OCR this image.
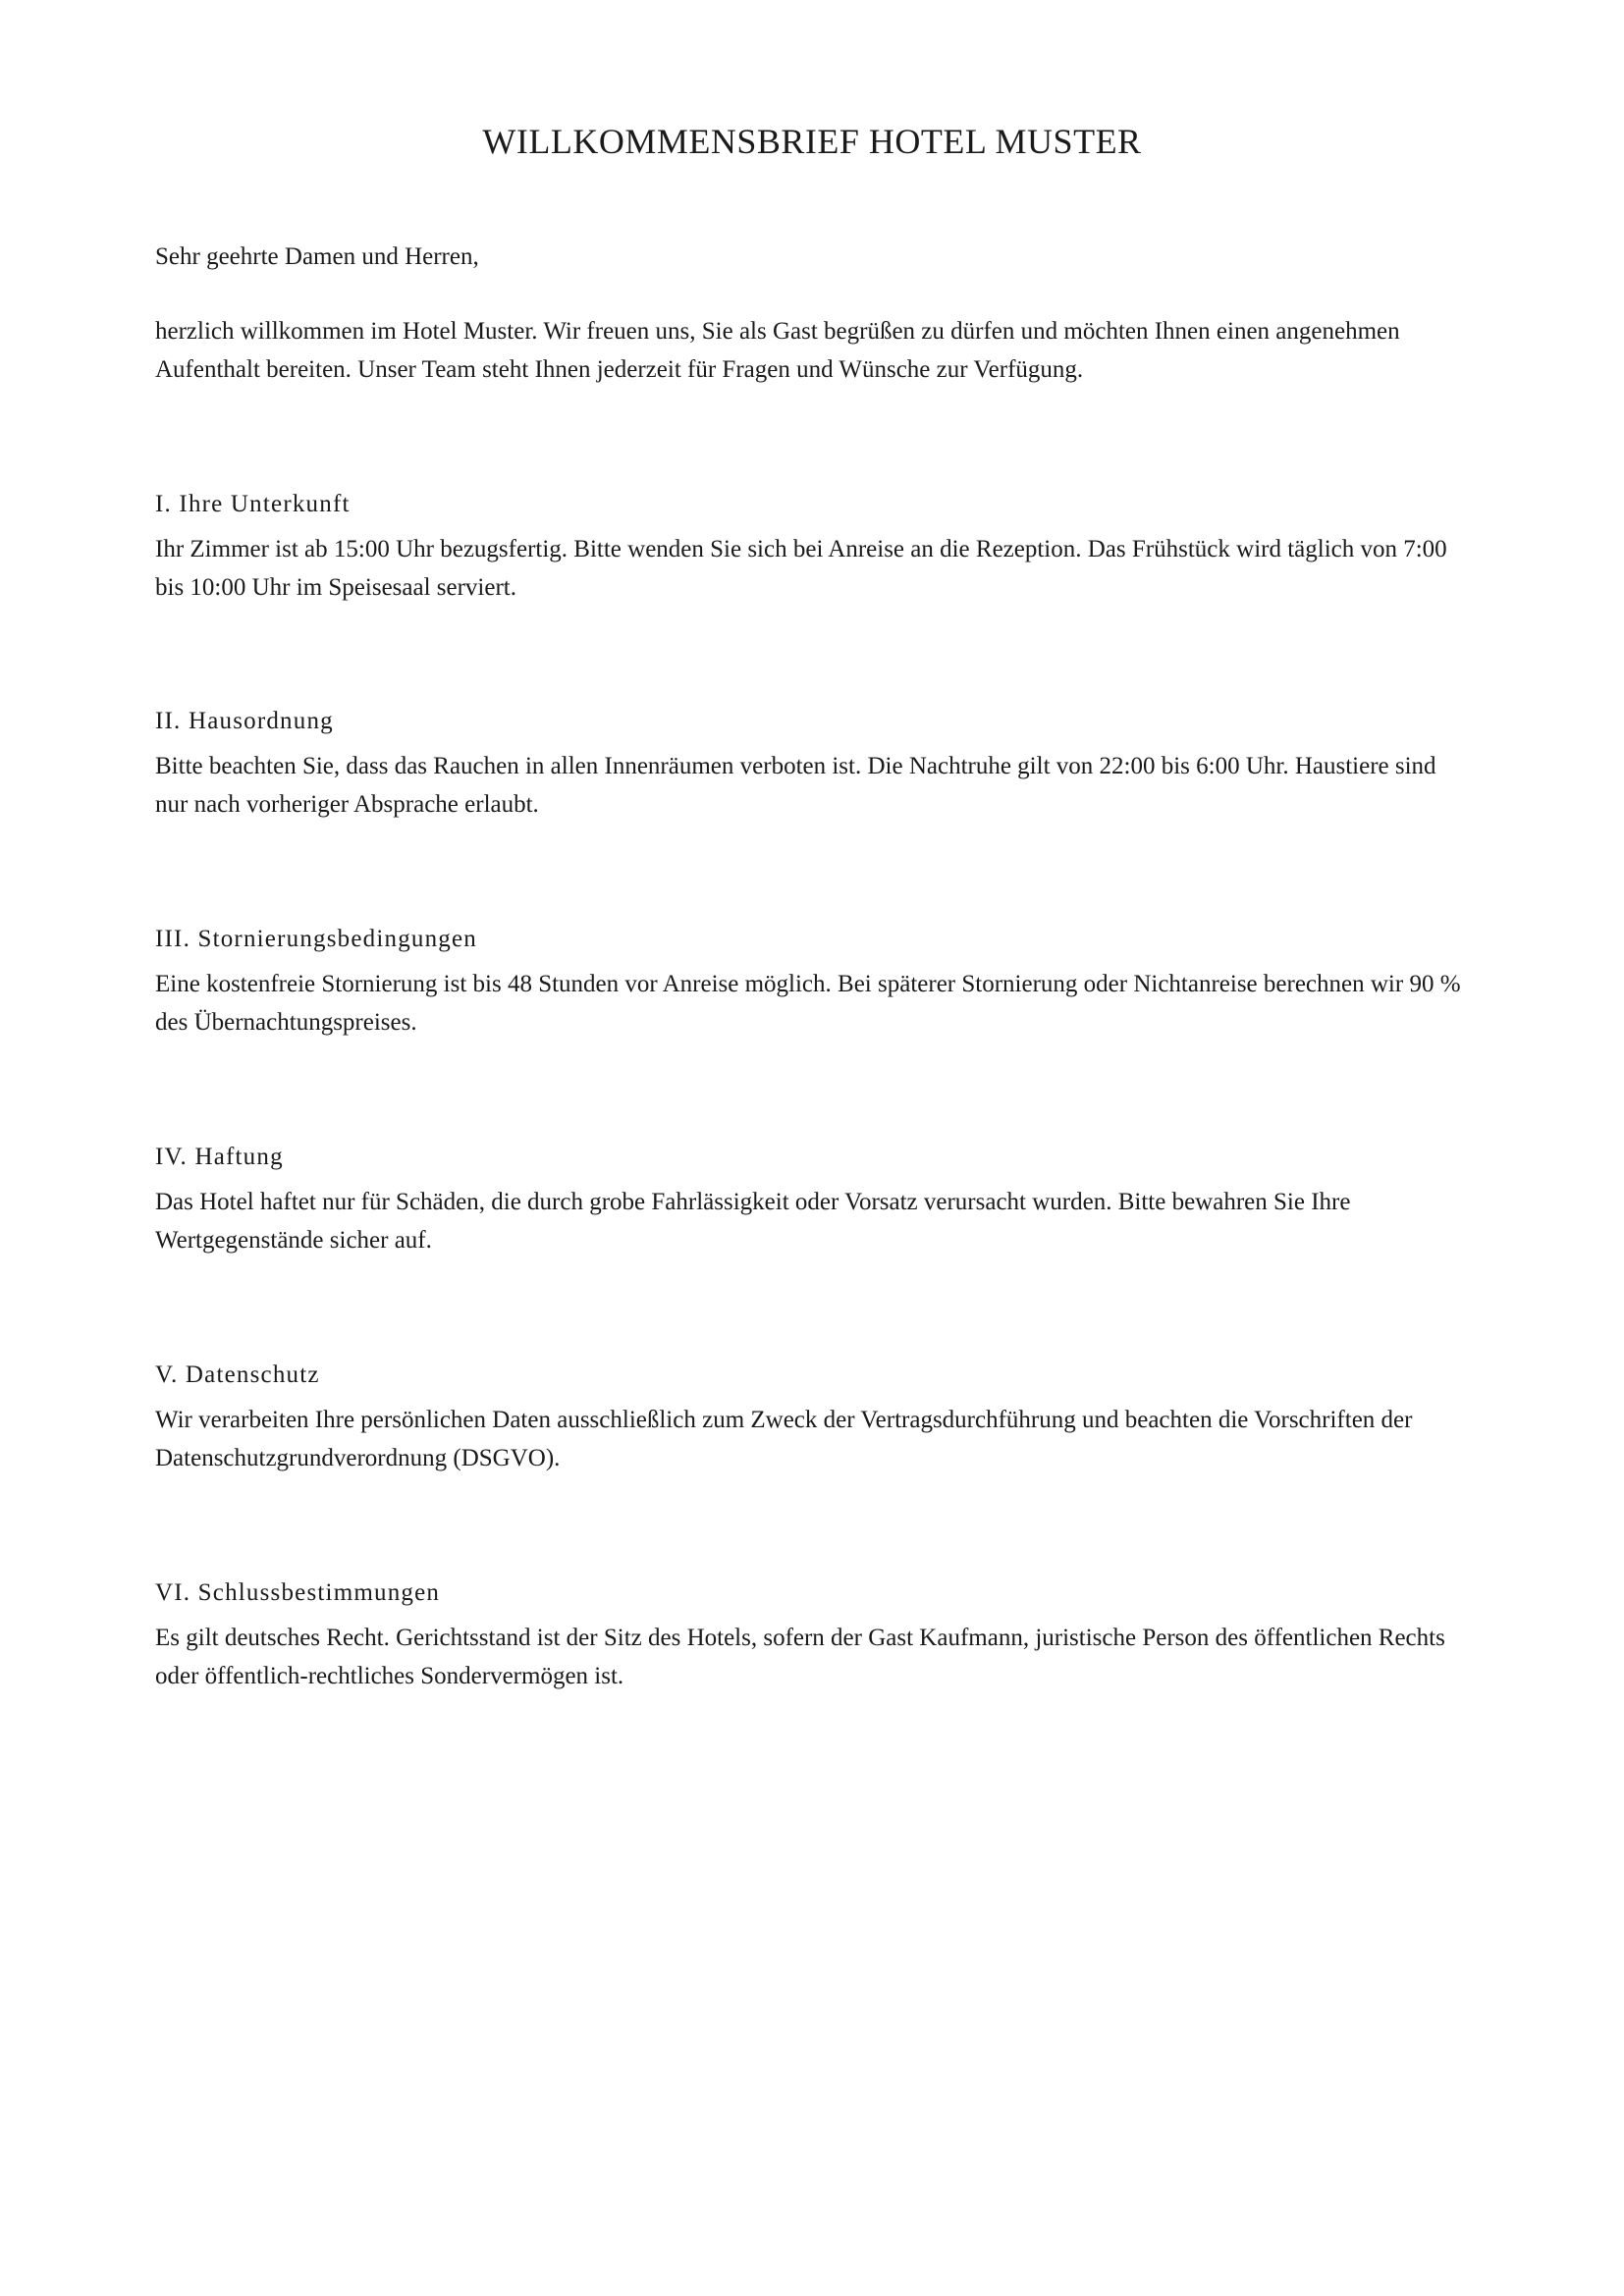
WILLKOMMENSBRIEF HOTEL MUSTER

Sehr geehrte Damen und Herren,

herzlich willkommen im Hotel Muster. Wir freuen uns, Sie als Gast begrüßen zu dürfen und möchten Ihnen einen angenehmen Aufenthalt bereiten. Unser Team steht Ihnen jederzeit für Fragen und Wünsche zur Verfügung.

I. Ihre Unterkunft

Ihr Zimmer ist ab 15:00 Uhr bezugsfertig. Bitte wenden Sie sich bei Anreise an die Rezeption. Das Frühstück wird täglich von 7:00 bis 10:00 Uhr im Speisesaal serviert.

II. Hausordnung

Bitte beachten Sie, dass das Rauchen in allen Innenräumen verboten ist. Die Nachtruhe gilt von 22:00 bis 6:00 Uhr. Haustiere sind nur nach vorheriger Absprache erlaubt.

III. Stornierungsbedingungen

Eine kostenfreie Stornierung ist bis 48 Stunden vor Anreise möglich. Bei späterer Stornierung oder Nichtanreise berechnen wir 90 % des Übernachtungspreises.

IV. Haftung

Das Hotel haftet nur für Schäden, die durch grobe Fahrlässigkeit oder Vorsatz verursacht wurden. Bitte bewahren Sie Ihre Wertgegenstände sicher auf.

V. Datenschutz

Wir verarbeiten Ihre persönlichen Daten ausschließlich zum Zweck der Vertragsdurchführung und beachten die Vorschriften der Datenschutzgrundverordnung (DSGVO).

VI. Schlussbestimmungen

Es gilt deutsches Recht. Gerichtsstand ist der Sitz des Hotels, sofern der Gast Kaufmann, juristische Person des öffentlichen Rechts oder öffentlich-rechtliches Sondervermögen ist.
